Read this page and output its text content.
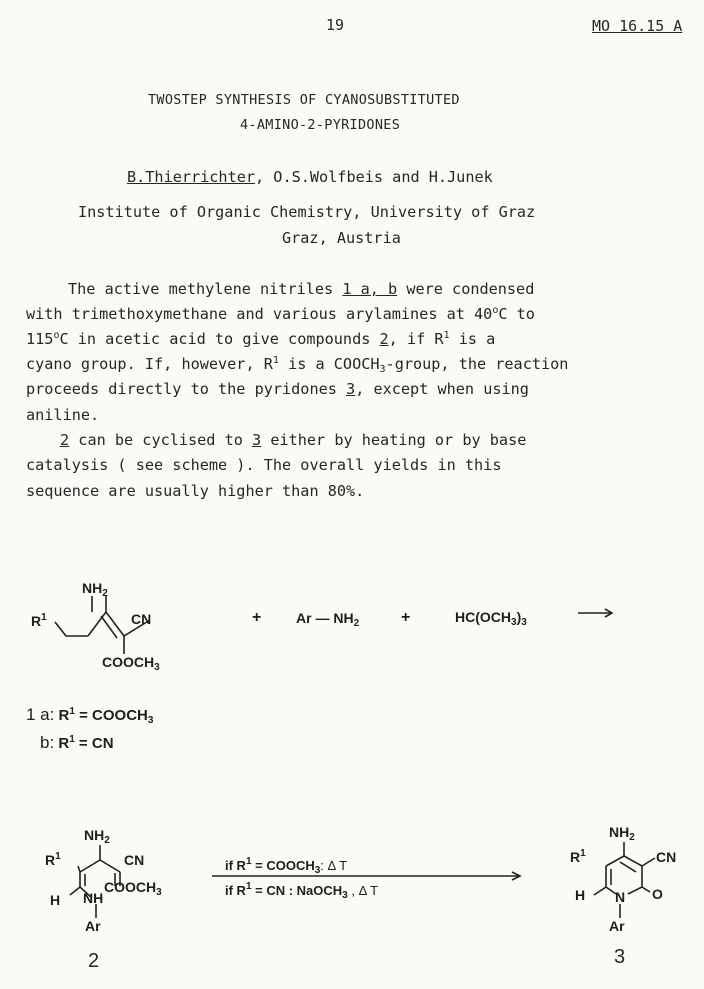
19	MO 16.15 A
TWOSTEP SYNTHESIS OF CYANOSUBSTITUTED
4-AMINO-2-PYRIDONES
B.Thierrichter, O.S.Wolfbeis and H.Junek
Institute of Organic Chemistry, University of Graz
Graz, Austria
The active methylene nitriles 1 a, b were condensed
with trimethoxymethane and various arylamines at 40$^o$C to
115$^o$C in acetic acid to give compounds 2, if $R^1$ is a
cyano group. If, however, $R^1$ is a $COOCH_3$-group, the reaction
proceeds directly to the pyridones 3, except when using
aniline.
2 can be cyclised to 3 either by heating or by base
catalysis ( see scheme ). The overall yields in this
sequence are usually higher than 80%.
$NH_2$
$R^1$	CN
$COOCH_3$
+ Ar — $NH_2$	+	$HC(OCH_3)_3$
1 a: $R^1$ = $COOCH_3$
b: $R^1$ = CN
$NH_2$
$R^1$	CN
$COOCH_3$
H NH
Ar
2
if $R^1$ = $COOCH_3$: Δ T
if $R^1$ = CN : NaOCH$_3$ , Δ T
$NH_2$
$R^1$	CN
H N O
Ar
3
